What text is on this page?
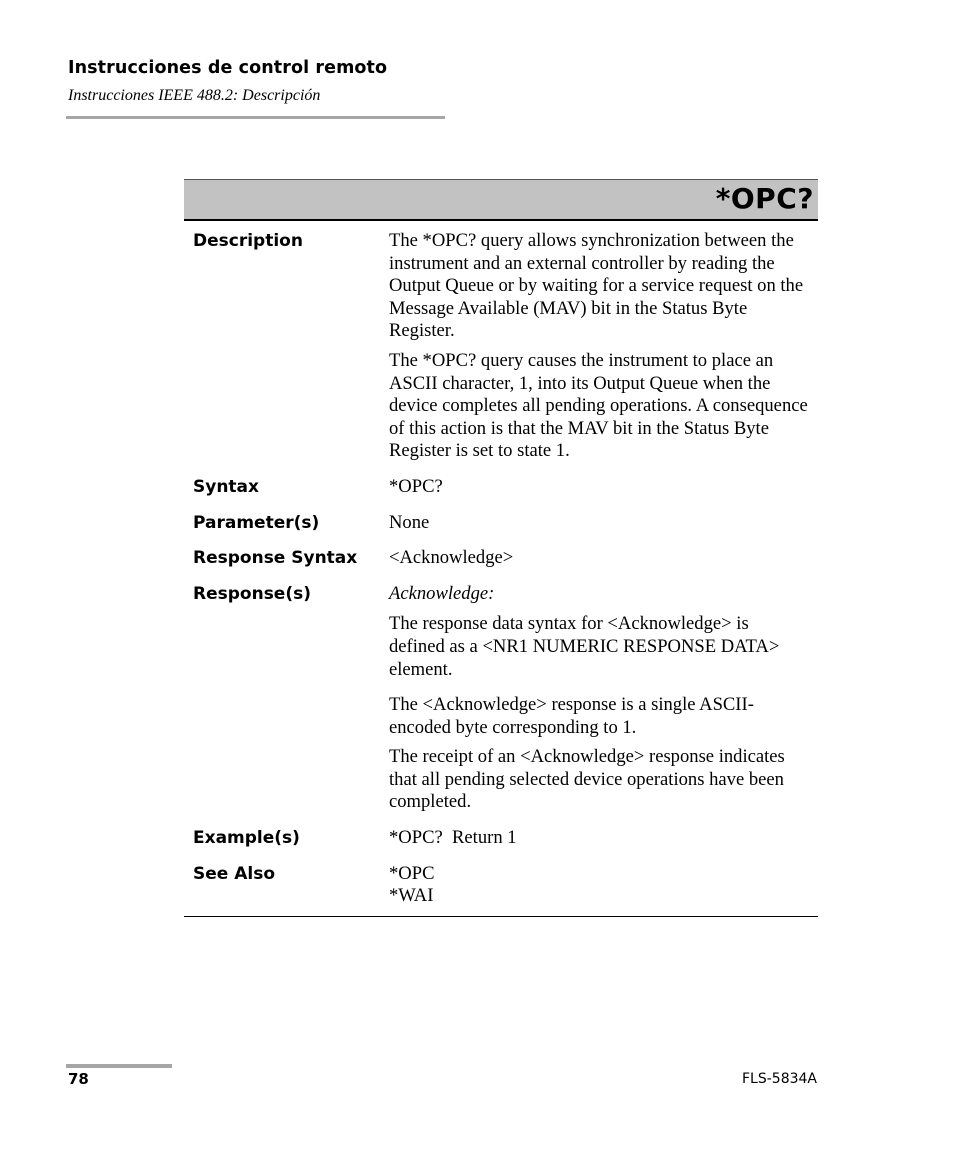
Instrucciones de control remoto
Instrucciones IEEE 488.2: Descripción
*OPC?
Description	The *OPC? query allows synchronization between the instrument and an external controller by reading the Output Queue or by waiting for a service request on the Message Available (MAV) bit in the Status Byte Register.

The *OPC? query causes the instrument to place an ASCII character, 1, into its Output Queue when the device completes all pending operations. A consequence of this action is that the MAV bit in the Status Byte Register is set to state 1.

Syntax	*OPC?
Parameter(s)	None
Response Syntax	<Acknowledge>
Response(s)	Acknowledge:

The response data syntax for <Acknowledge> is defined as a <NR1 NUMERIC RESPONSE DATA> element.

The <Acknowledge> response is a single ASCII-encoded byte corresponding to 1.

The receipt of an <Acknowledge> response indicates that all pending selected device operations have been completed.

Example(s)	*OPC?  Return 1
See Also	*OPC
*WAI
78	FLS-5834A
